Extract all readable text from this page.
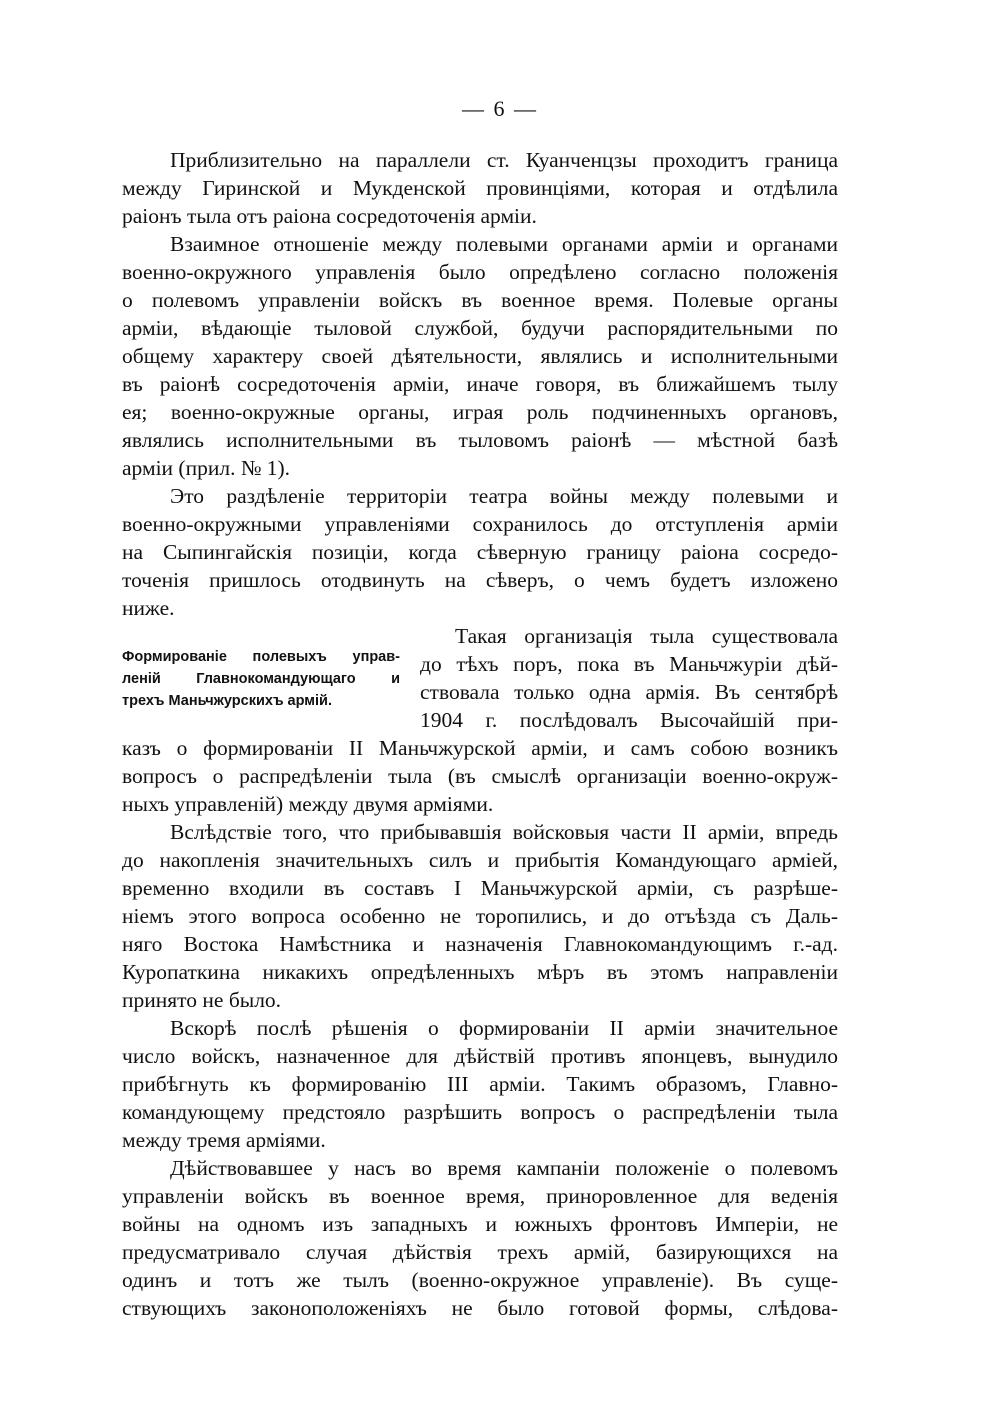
— 6 —
Приблизительно на параллели ст. Куанченцзы проходитъ граница
между Гиринской и Мукденской провинціями, которая и отдѣлила
раіонъ тыла отъ раіона сосредоточенія арміи.
Взаимное отношеніе между полевыми органами арміи и органами
военно-окружного управленія было опредѣлено согласно положенія
о полевомъ управленіи войскъ въ военное время. Полевые органы
арміи, вѣдающіе тыловой службой, будучи распорядительными по
общему характеру своей дѣятельности, являлись и исполнительными
въ раіонѣ сосредоточенія арміи, иначе говоря, въ ближайшемъ тылу
ея; военно-окружные органы, играя роль подчиненныхъ органовъ,
являлись исполнительными въ тыловомъ раіонѣ — мѣстной базѣ
арміи (прил. № 1).
Это раздѣленіе территоріи театра войны между полевыми и
военно-окружными управленіями сохранилось до отступленія арміи
на Сыпингайскія позиціи, когда сѣверную границу раіона сосредо-
точенія пришлось отодвинуть на сѣверъ, о чемъ будетъ изложено
ниже.
Формированіе полевыхъ управ-
леній Главнокомандующаго и
трехъ Маньчжурскихъ армій.
Такая организація тыла существовала
до тѣхъ поръ, пока въ Маньчжуріи дѣй-
ствовала только одна армія. Въ сентябрѣ
1904 г. послѣдовалъ Высочайшій при-
казъ о формированіи II Маньчжурской арміи, и самъ собою возникъ
вопросъ о распредѣленіи тыла (въ смыслѣ организаціи военно-окруж-
ныхъ управленій) между двумя арміями.
Вслѣдствіе того, что прибывавшія войсковыя части II арміи, впредь
до накопленія значительныхъ силъ и прибытія Командующаго арміей,
временно входили въ составъ I Маньчжурской арміи, съ разрѣше-
ніемъ этого вопроса особенно не торопились, и до отъѣзда съ Даль-
няго Востока Намѣстника и назначенія Главнокомандующимъ г.-ад.
Куропаткина никакихъ опредѣленныхъ мѣръ въ этомъ направленіи
принято не было.
Вскорѣ послѣ рѣшенія о формированіи II арміи значительное
число войскъ, назначенное для дѣйствій противъ японцевъ, вынудило
прибѣгнуть къ формированію III арміи. Такимъ образомъ, Главно-
командующему предстояло разрѣшить вопросъ о распредѣленіи тыла
между тремя арміями.
Дѣйствовавшее у насъ во время кампаніи положеніе о полевомъ
управленіи войскъ въ военное время, приноровленное для веденія
войны на одномъ изъ западныхъ и южныхъ фронтовъ Имперіи, не
предусматривало случая дѣйствія трехъ армій, базирующихся на
одинъ и тотъ же тылъ (военно-окружное управленіе). Въ суще-
ствующихъ законоположеніяхъ не было готовой формы, слѣдова-
